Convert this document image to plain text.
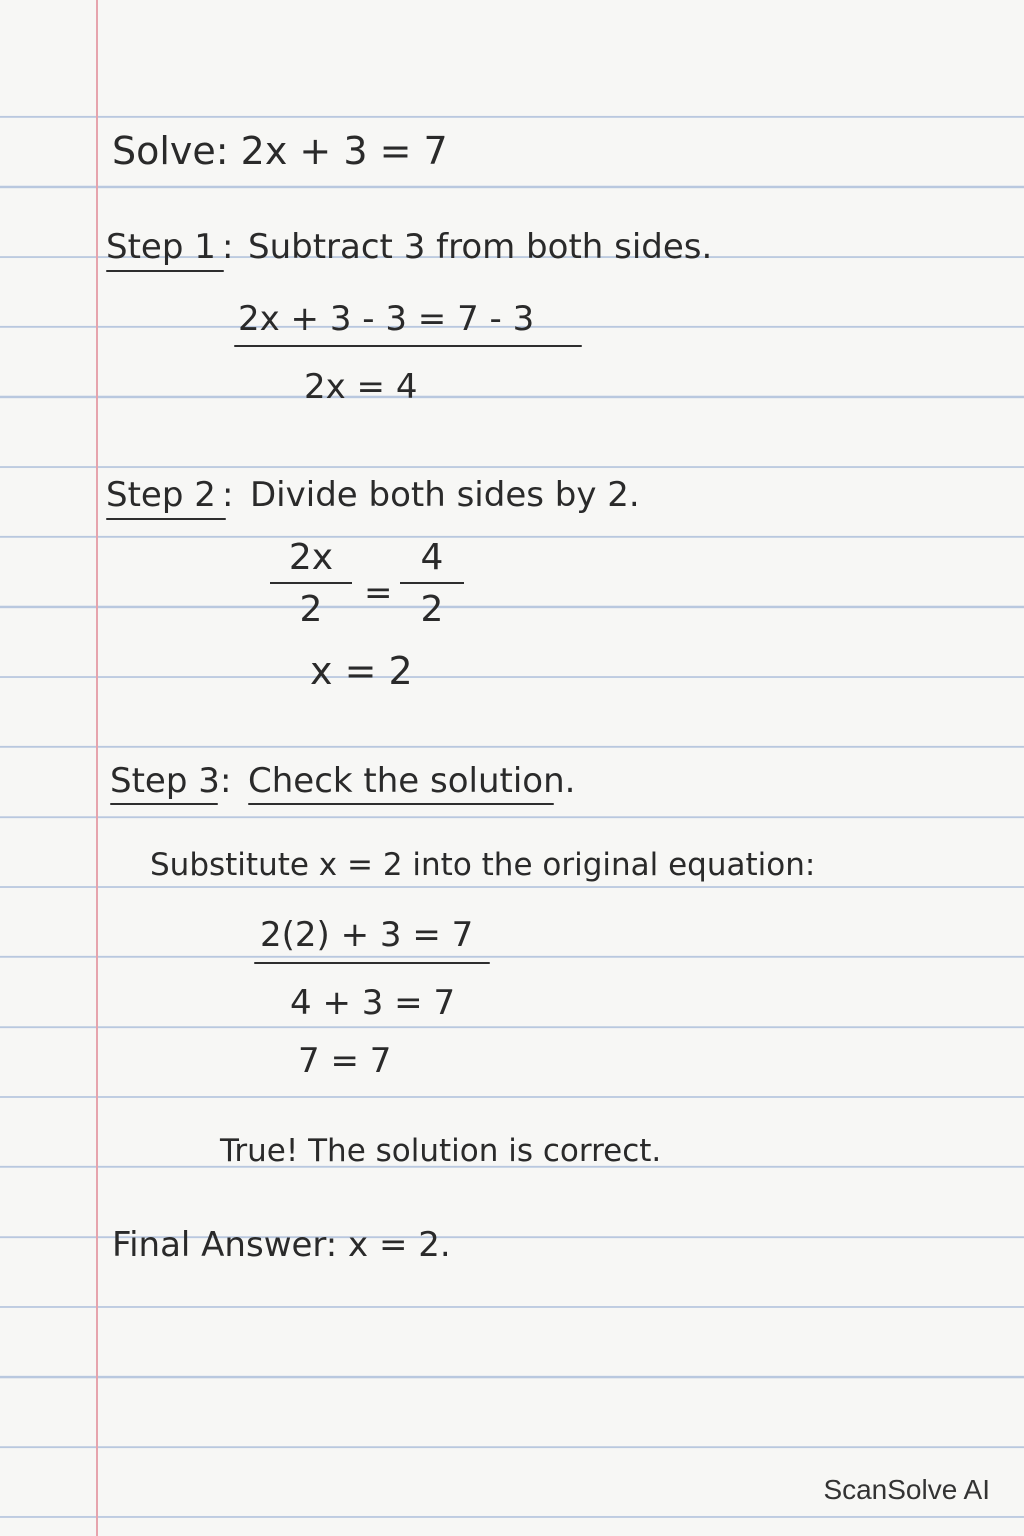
Solve: 2x + 3 = 7
Step 1 : Subtract 3 from both sides.
2x + 3 - 3 = 7 - 3
2x = 4
Step 2 : Divide both sides by 2.
2x
2 =
4
2
x = 2
Step 3 : Check the solution.
Substitute x = 2 into the original equation:
2(2) + 3 = 7
4 + 3 = 7
7 = 7
True! The solution is correct.
Final Answer: x = 2.
ScanSolve AI
